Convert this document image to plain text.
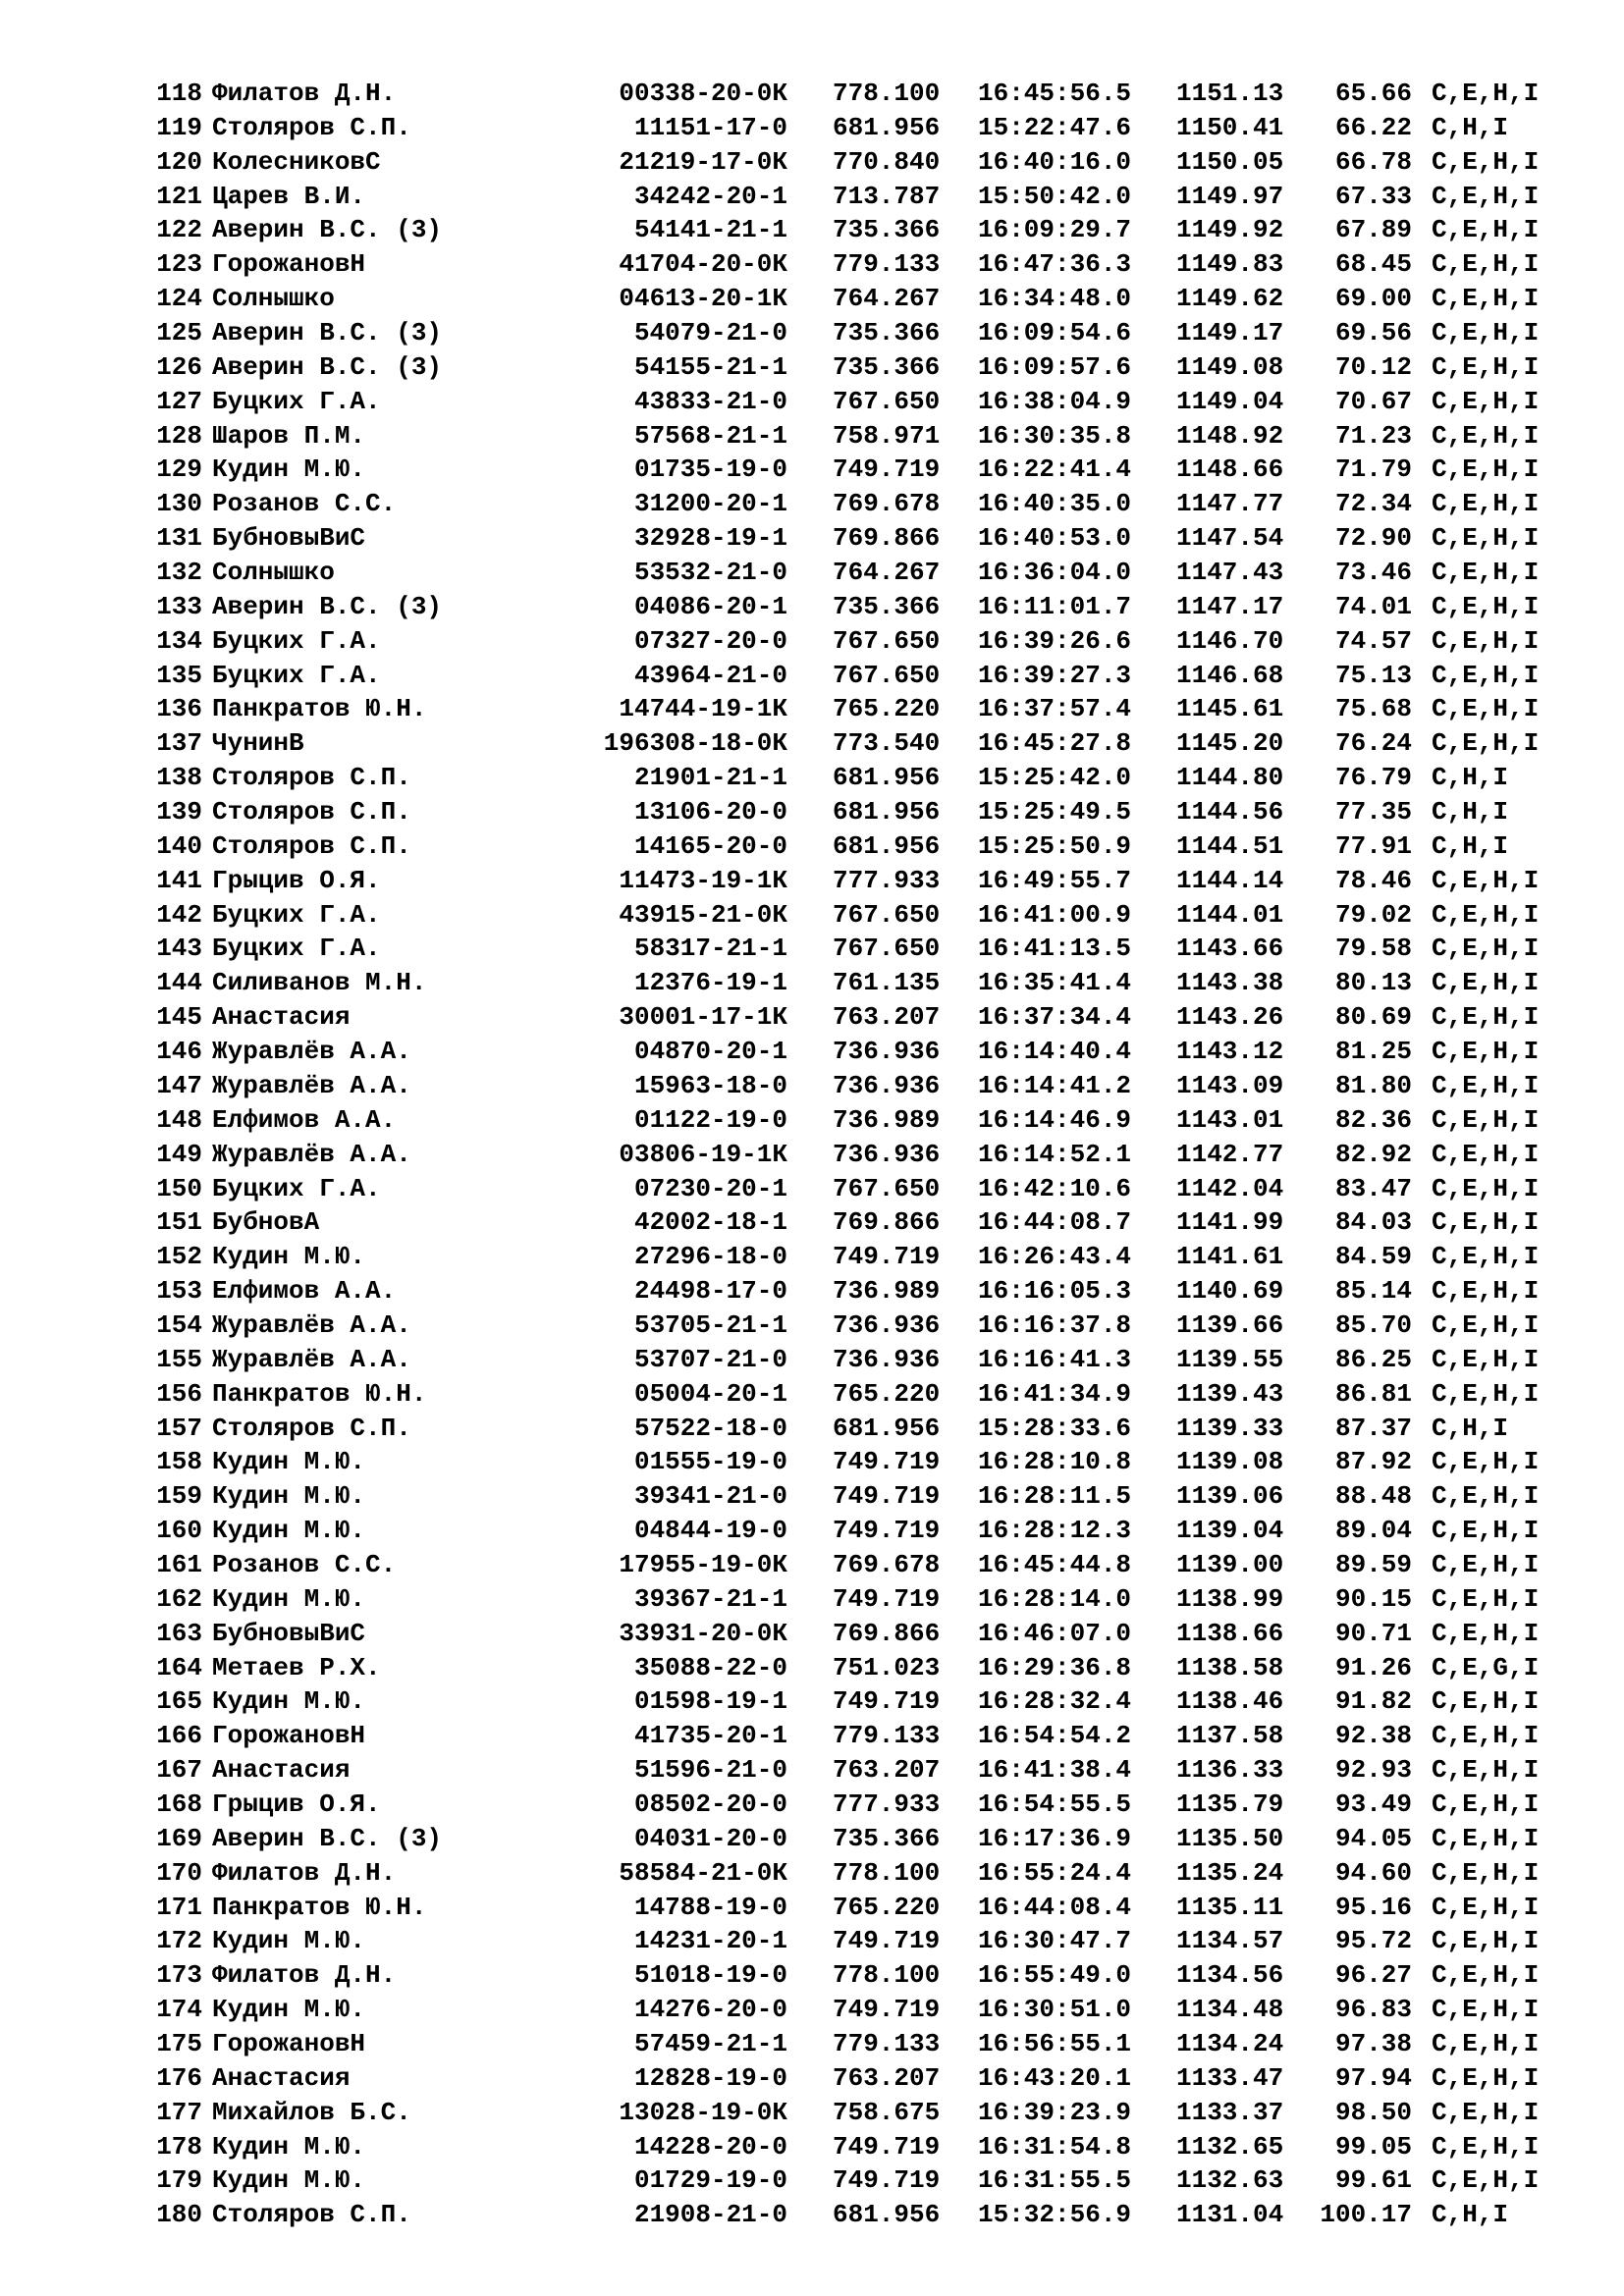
118 Филатов Д.Н.	00338-20-0К 778.100 16:45:56.5 1151.13	65.66 C,E,H,I
119 Столяров С.П.	11151-17-0 681.956 15:22:47.6 1150.41	66.22 C,H,I
120 КолесниковС	21219-17-0К 770.840 16:40:16.0 1150.05	66.78 C,E,H,I
121 Царев В.И.	34242-20-1 713.787 15:50:42.0 1149.97	67.33 C,E,H,I
122 Аверин В.С. (3)	54141-21-1 735.366 16:09:29.7 1149.92	67.89 C,E,H,I
123 ГорожановН	41704-20-0К 779.133 16:47:36.3 1149.83	68.45 C,E,H,I
124 Солнышко	04613-20-1К 764.267 16:34:48.0 1149.62	69.00 C,E,H,I
125 Аверин В.С. (3)	54079-21-0 735.366 16:09:54.6 1149.17	69.56 C,E,H,I
126 Аверин В.С. (3)	54155-21-1 735.366 16:09:57.6 1149.08	70.12 C,E,H,I
127 Буцких Г.А.	43833-21-0 767.650 16:38:04.9 1149.04	70.67 C,E,H,I
128 Шаров П.М.	57568-21-1 758.971 16:30:35.8 1148.92	71.23 C,E,H,I
129 Кудин М.Ю.	01735-19-0 749.719 16:22:41.4 1148.66	71.79 C,E,H,I
130 Розанов С.С.	31200-20-1 769.678 16:40:35.0 1147.77	72.34 C,E,H,I
131 БубновыВиС	32928-19-1 769.866 16:40:53.0 1147.54	72.90 C,E,H,I
132 Солнышко	53532-21-0 764.267 16:36:04.0 1147.43	73.46 C,E,H,I
133 Аверин В.С. (3)	04086-20-1 735.366 16:11:01.7 1147.17	74.01 C,E,H,I
134 Буцких Г.А.	07327-20-0 767.650 16:39:26.6 1146.70	74.57 C,E,H,I
135 Буцких Г.А.	43964-21-0 767.650 16:39:27.3 1146.68	75.13 C,E,H,I
136 Панкратов Ю.Н.	14744-19-1К 765.220 16:37:57.4 1145.61	75.68 C,E,H,I
137 ЧунинВ	196308-18-0К 773.540 16:45:27.8 1145.20	76.24 C,E,H,I
138 Столяров С.П.	21901-21-1 681.956 15:25:42.0 1144.80	76.79 C,H,I
139 Столяров С.П.	13106-20-0 681.956 15:25:49.5 1144.56	77.35 C,H,I
140 Столяров С.П.	14165-20-0 681.956 15:25:50.9 1144.51	77.91 C,H,I
141 Грыцив О.Я.	11473-19-1К 777.933 16:49:55.7 1144.14	78.46 C,E,H,I
142 Буцких Г.А.	43915-21-0К 767.650 16:41:00.9 1144.01	79.02 C,E,H,I
143 Буцких Г.А.	58317-21-1 767.650 16:41:13.5 1143.66	79.58 C,E,H,I
144 Силиванов М.Н.	12376-19-1 761.135 16:35:41.4 1143.38	80.13 C,E,H,I
145 Анастасия	30001-17-1К 763.207 16:37:34.4 1143.26	80.69 C,E,H,I
146 Журавлёв А.А.	04870-20-1 736.936 16:14:40.4 1143.12	81.25 C,E,H,I
147 Журавлёв А.А.	15963-18-0 736.936 16:14:41.2 1143.09	81.80 C,E,H,I
148 Елфимов А.А.	01122-19-0 736.989 16:14:46.9 1143.01	82.36 C,E,H,I
149 Журавлёв А.А.	03806-19-1К 736.936 16:14:52.1 1142.77	82.92 C,E,H,I
150 Буцких Г.А.	07230-20-1 767.650 16:42:10.6 1142.04	83.47 C,E,H,I
151 БубновА	42002-18-1 769.866 16:44:08.7 1141.99	84.03 C,E,H,I
152 Кудин М.Ю.	27296-18-0 749.719 16:26:43.4 1141.61	84.59 C,E,H,I
153 Елфимов А.А.	24498-17-0 736.989 16:16:05.3 1140.69	85.14 C,E,H,I
154 Журавлёв А.А.	53705-21-1 736.936 16:16:37.8 1139.66	85.70 C,E,H,I
155 Журавлёв А.А.	53707-21-0 736.936 16:16:41.3 1139.55	86.25 C,E,H,I
156 Панкратов Ю.Н.	05004-20-1 765.220 16:41:34.9 1139.43	86.81 C,E,H,I
157 Столяров С.П.	57522-18-0 681.956 15:28:33.6 1139.33	87.37 C,H,I
158 Кудин М.Ю.	01555-19-0 749.719 16:28:10.8 1139.08	87.92 C,E,H,I
159 Кудин М.Ю.	39341-21-0 749.719 16:28:11.5 1139.06	88.48 C,E,H,I
160 Кудин М.Ю.	04844-19-0 749.719 16:28:12.3 1139.04	89.04 C,E,H,I
161 Розанов С.С.	17955-19-0К 769.678 16:45:44.8 1139.00	89.59 C,E,H,I
162 Кудин М.Ю.	39367-21-1 749.719 16:28:14.0 1138.99	90.15 C,E,H,I
163 БубновыВиС	33931-20-0К 769.866 16:46:07.0 1138.66	90.71 C,E,H,I
164 Метаев Р.Х.	35088-22-0 751.023 16:29:36.8 1138.58	91.26 C,E,G,I
165 Кудин М.Ю.	01598-19-1 749.719 16:28:32.4 1138.46	91.82 C,E,H,I
166 ГорожановН	41735-20-1 779.133 16:54:54.2 1137.58	92.38 C,E,H,I
167 Анастасия	51596-21-0 763.207 16:41:38.4 1136.33	92.93 C,E,H,I
168 Грыцив О.Я.	08502-20-0 777.933 16:54:55.5 1135.79	93.49 C,E,H,I
169 Аверин В.С. (3)	04031-20-0 735.366 16:17:36.9 1135.50	94.05 C,E,H,I
170 Филатов Д.Н.	58584-21-0К 778.100 16:55:24.4 1135.24	94.60 C,E,H,I
171 Панкратов Ю.Н.	14788-19-0 765.220 16:44:08.4 1135.11	95.16 C,E,H,I
172 Кудин М.Ю.	14231-20-1 749.719 16:30:47.7 1134.57	95.72 C,E,H,I
173 Филатов Д.Н.	51018-19-0 778.100 16:55:49.0 1134.56	96.27 C,E,H,I
174 Кудин М.Ю.	14276-20-0 749.719 16:30:51.0 1134.48	96.83 C,E,H,I
175 ГорожановН	57459-21-1 779.133 16:56:55.1 1134.24	97.38 C,E,H,I
176 Анастасия	12828-19-0 763.207 16:43:20.1 1133.47	97.94 C,E,H,I
177 Михайлов Б.С.	13028-19-0К 758.675 16:39:23.9 1133.37	98.50 C,E,H,I
178 Кудин М.Ю.	14228-20-0 749.719 16:31:54.8 1132.65	99.05 C,E,H,I
179 Кудин М.Ю.	01729-19-0 749.719 16:31:55.5 1132.63	99.61 C,E,H,I
180 Столяров С.П.	21908-21-0 681.956 15:32:56.9 1131.04	100.17 C,H,I
